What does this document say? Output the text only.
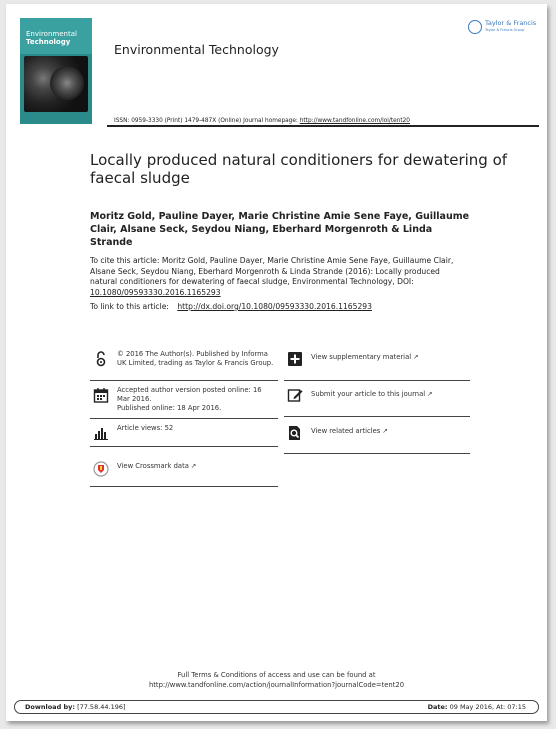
Environmental
Technology	Environmental Technology
Taylor & Francis
Taylor & Francis Group
ISSN: 0959-3330 (Print) 1479-487X (Online) Journal homepage: http://www.tandfonline.com/loi/tent20
Locally produced natural conditioners for dewatering of faecal sludge
Moritz Gold, Pauline Dayer, Marie Christine Amie Sene Faye, Guillaume Clair, Alsane Seck, Seydou Niang, Eberhard Morgenroth & Linda Strande
To cite this article: Moritz Gold, Pauline Dayer, Marie Christine Amie Sene Faye, Guillaume Clair, Alsane Seck, Seydou Niang, Eberhard Morgenroth & Linda Strande (2016): Locally produced natural conditioners for dewatering of faecal sludge, Environmental Technology, DOI: 10.1080/09593330.2016.1165293
To link to this article: http://dx.doi.org/10.1080/09593330.2016.1165293
© 2016 The Author(s). Published by Informa UK Limited, trading as Taylor & Francis Group.
Accepted author version posted online: 16 Mar 2016.
Published online: 18 Apr 2016.
Article views: 52
View Crossmark data ↗
View supplementary material ↗
Submit your article to this journal ↗
View related articles ↗
Full Terms & Conditions of access and use can be found at
http://www.tandfonline.com/action/journalInformation?journalCode=tent20
Download by: [77.58.44.196]	Date: 09 May 2016, At: 07:15
